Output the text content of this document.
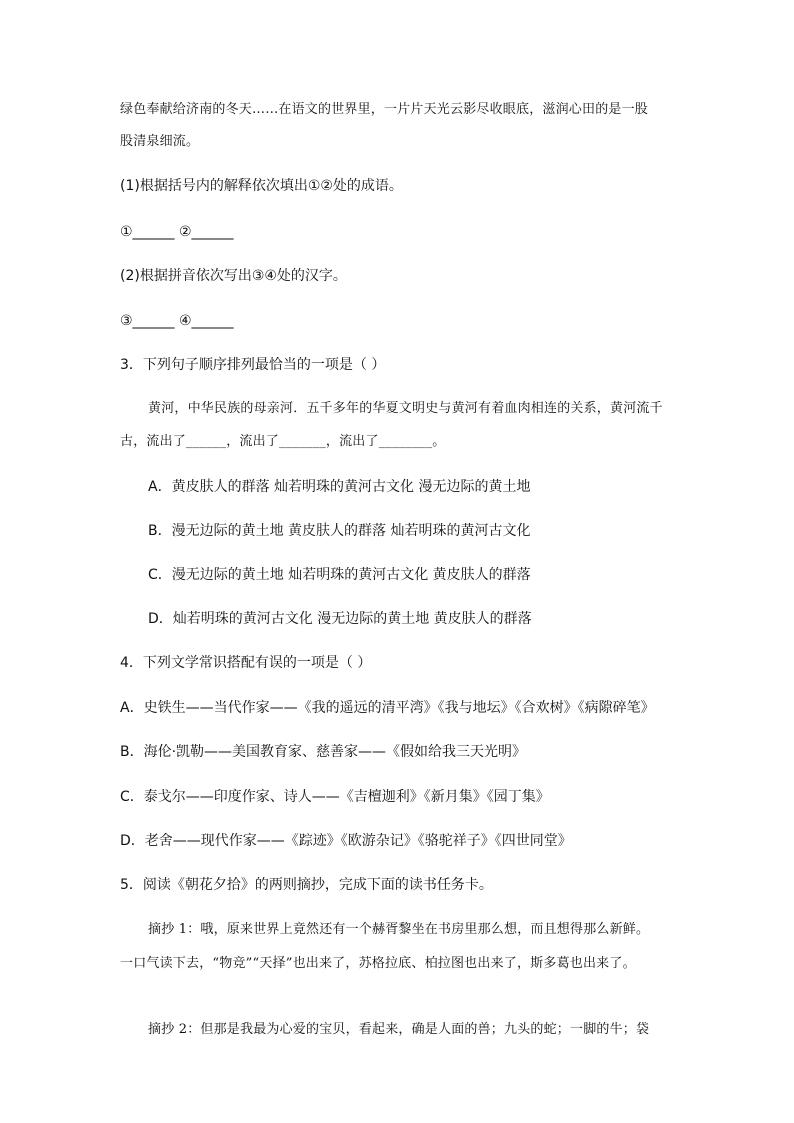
绿色奉献给济南的冬天……在语文的世界里，一片片天光云影尽收眼底，滋润心田的是一股
股清泉细流。
(1)根据括号内的解释依次填出①②处的成语。
①______ ②______
(2)根据拼音依次写出③④处的汉字。
③______ ④______
3．下列句子顺序排列最恰当的一项是（ ）
黄河，中华民族的母亲河．五千多年的华夏文明史与黄河有着血肉相连的关系，黄河流千
古，流出了______，流出了_______，流出了________。
A．黄皮肤人的群落 灿若明珠的黄河古文化 漫无边际的黄土地
B．漫无边际的黄土地 黄皮肤人的群落 灿若明珠的黄河古文化
C．漫无边际的黄土地 灿若明珠的黄河古文化 黄皮肤人的群落
D．灿若明珠的黄河古文化 漫无边际的黄土地 黄皮肤人的群落
4．下列文学常识搭配有误的一项是（ ）
A．史铁生——当代作家——《我的遥远的清平湾》《我与地坛》《合欢树》《病隙碎笔》
B．海伦·凯勒——美国教育家、慈善家——《假如给我三天光明》
C．泰戈尔——印度作家、诗人——《吉檀迦利》《新月集》《园丁集》
D．老舍——现代作家——《踪迹》《欧游杂记》《骆驼祥子》《四世同堂》
5．阅读《朝花夕拾》的两则摘抄，完成下面的读书任务卡。
摘抄 1：哦，原来世界上竟然还有一个赫胥黎坐在书房里那么想，而且想得那么新鲜。
一口气读下去，“物竞”“天择”也出来了，苏格拉底、柏拉图也出来了，斯多葛也出来了。
摘抄 2：但那是我最为心爱的宝贝，看起来，确是人面的兽；九头的蛇；一脚的牛；袋
